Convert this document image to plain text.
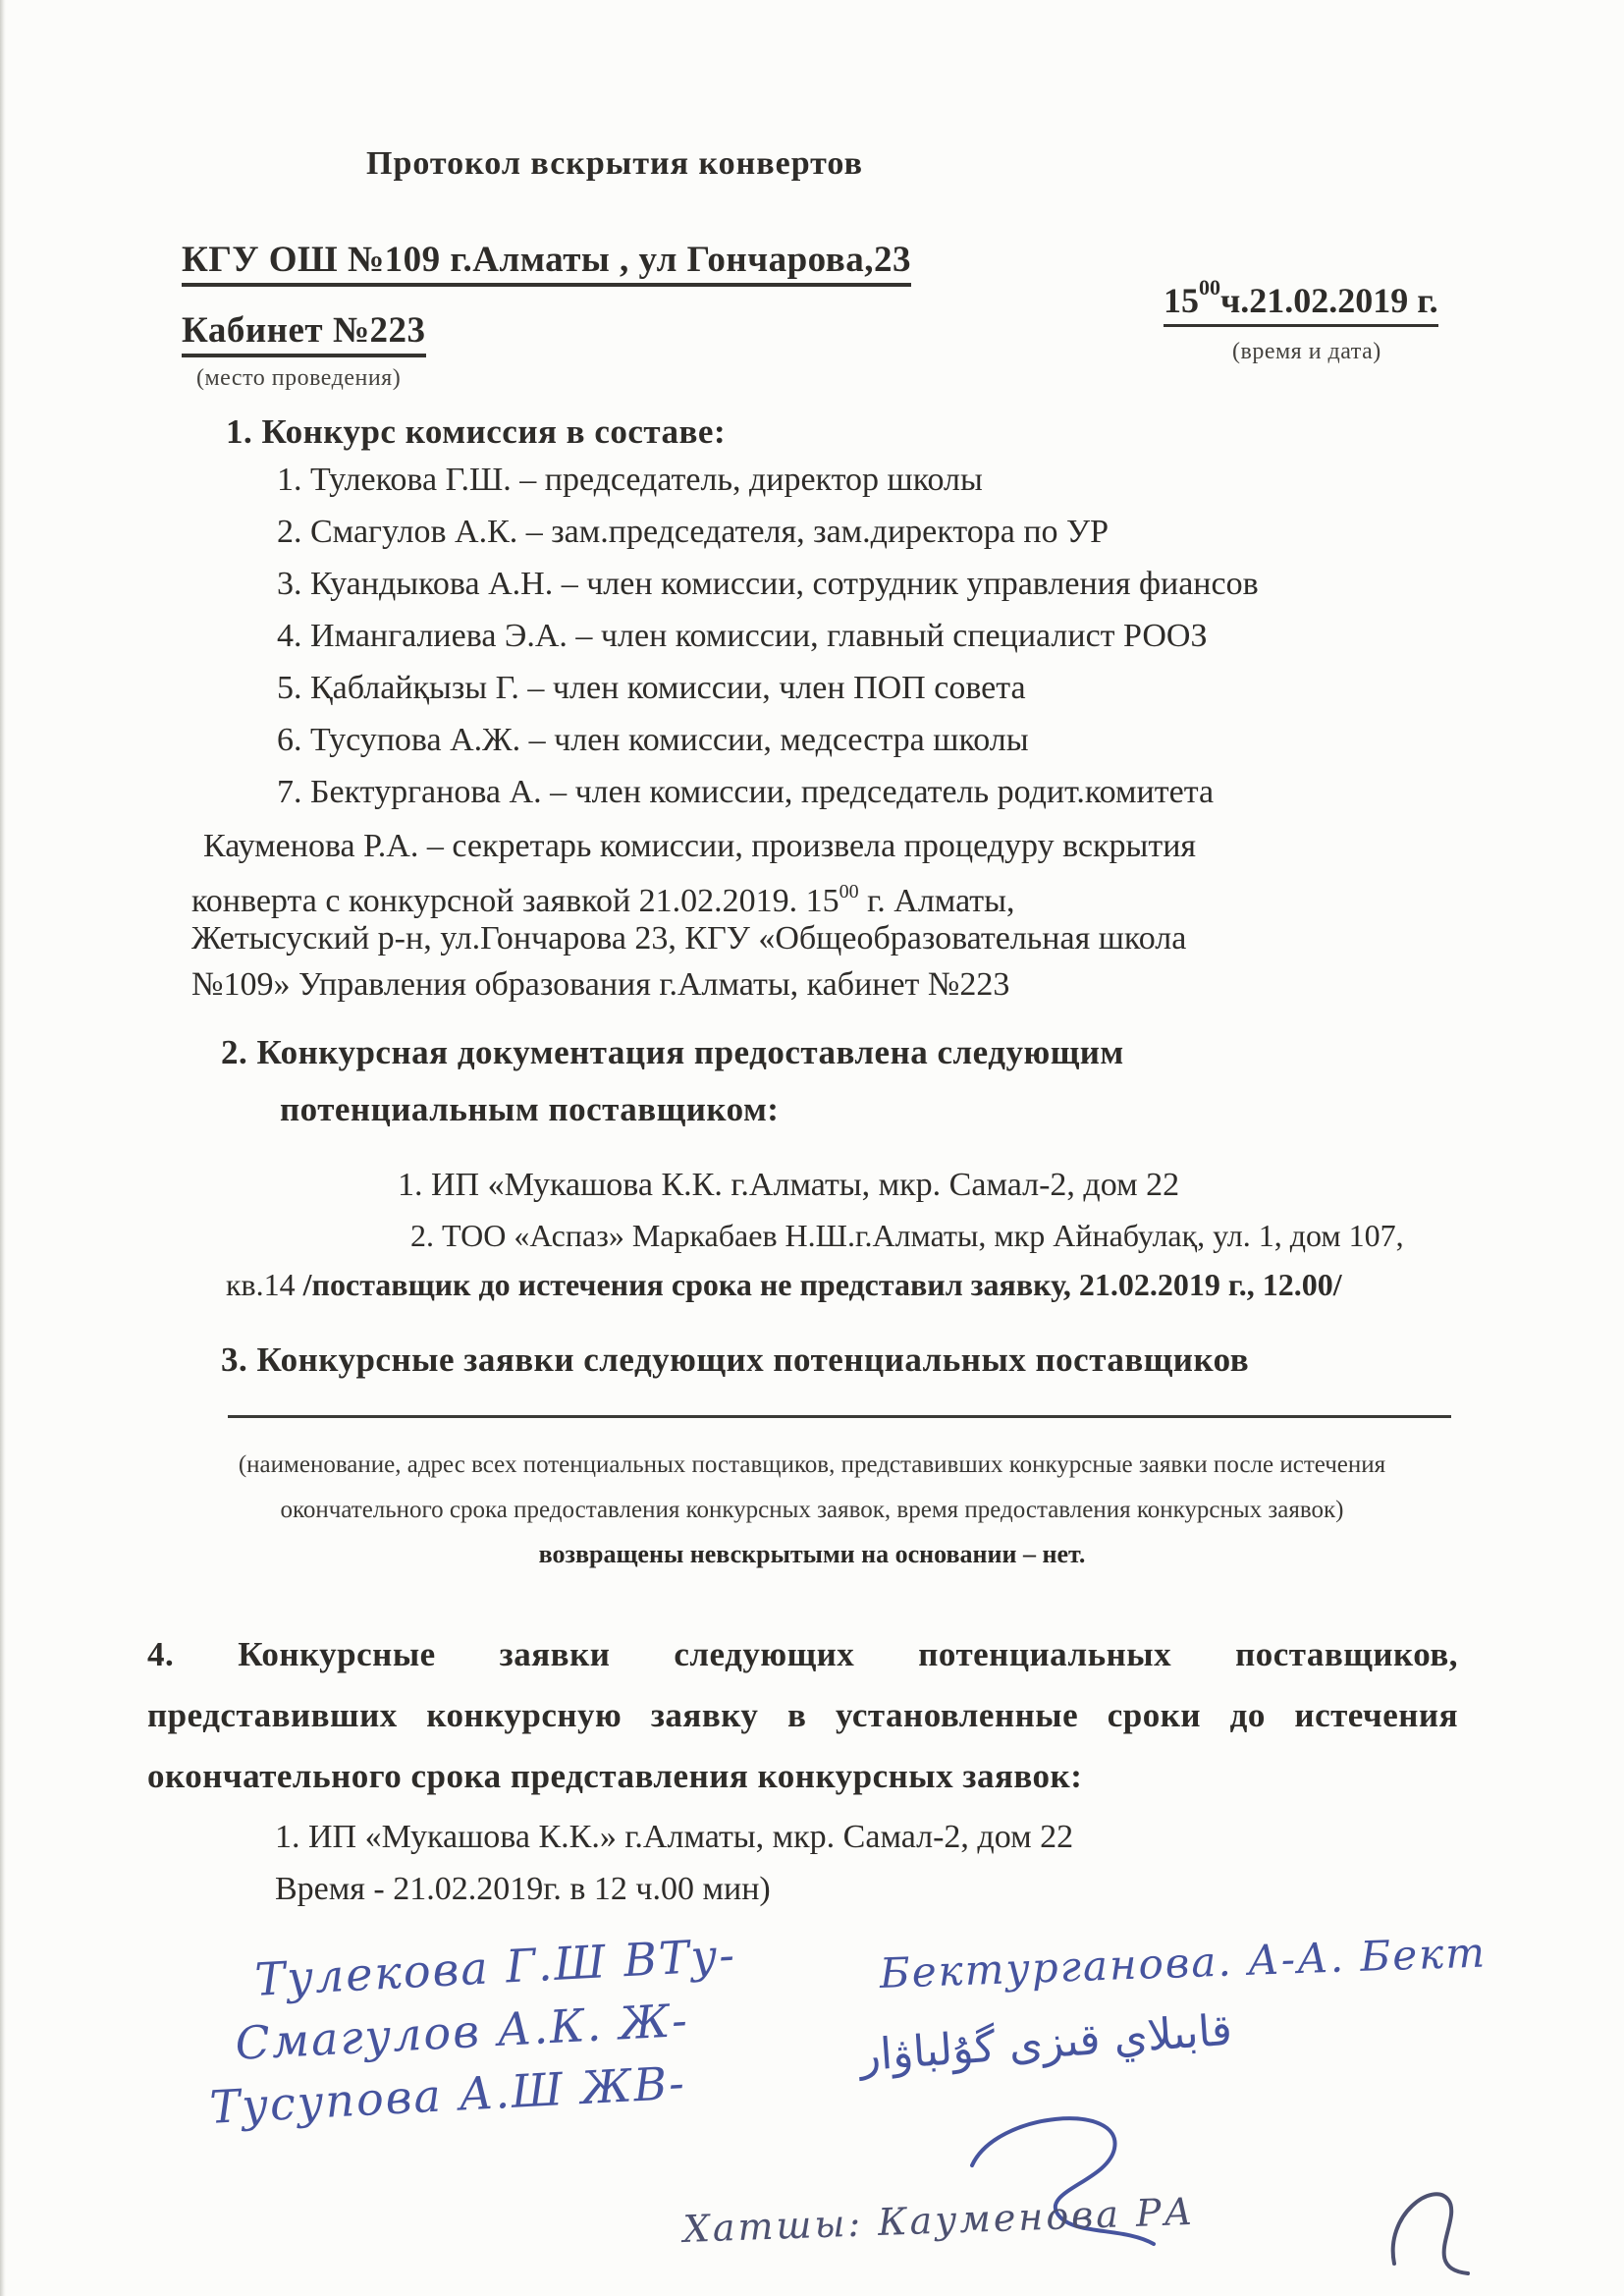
Протокол вскрытия конвертов
КГУ ОШ №109 г.Алматы , ул Гончарова,23
Кабинет №223
(место проведения)
$15^{00}ч.21.02.2019$ г.
(время и дата)
1. Конкурс комиссия в составе:
1. Тулекова Г.Ш. – председатель, директор школы
2. Смагулов А.К. – зам.председателя, зам.директора по УР
3. Куандыкова А.Н. – член комиссии, сотрудник управления фиансов
4. Имангалиева Э.А. – член комиссии, главный специалист РООЗ
5. Қаблайқызы Г. – член комиссии, член ПОП совета
6. Тусупова А.Ж. – член комиссии, медсестра школы
7. Бектурганова А. – член комиссии, председатель родит.комитета
Кауменова Р.А. – секретарь комиссии, произвела процедуру вскрытия
конверта с конкурсной заявкой 21.02.2019. $15^{00}$ г. Алматы,
Жетысуский р-н, ул.Гончарова 23, КГУ «Общеобразовательная школа
№109» Управления образования г.Алматы, кабинет №223
2. Конкурсная документация предоставлена следующим
потенциальным поставщиком:
1. ИП «Мукашова К.К. г.Алматы, мкр. Самал-2, дом 22
2. ТОО «Аспаз» Маркабаев Н.Ш.г.Алматы, мкр Айнабулақ, ул. 1, дом 107,
кв.14 /поставщик до истечения срока не представил заявку, 21.02.2019 г., 12.00/
3. Конкурсные заявки следующих потенциальных поставщиков
(наименование, адрес всех потенциальных поставщиков, представивших конкурсные заявки после истечения
окончательного срока предоставления конкурсных заявок, время предоставления конкурсных заявок)
возвращены невскрытыми на основании – нет.
4. Конкурсные заявки следующих потенциальных поставщиков,
представивших конкурсную заявку в установленные сроки до истечения
окончательного срока представления конкурсных заявок:
1. ИП «Мукашова К.К.» г.Алматы, мкр. Самал-2, дом 22
Время - 21.02.2019г. в 12 ч.00 мин)
Тулекова Г.Ш ВТу-
Смагулов А.К. Ж-
Тусупова А.Ш ЖВ-
Бектурганова. А-А. Бект
قابىلاي قىزى گۇلباۋار
Хатшы: Кауменова РА
